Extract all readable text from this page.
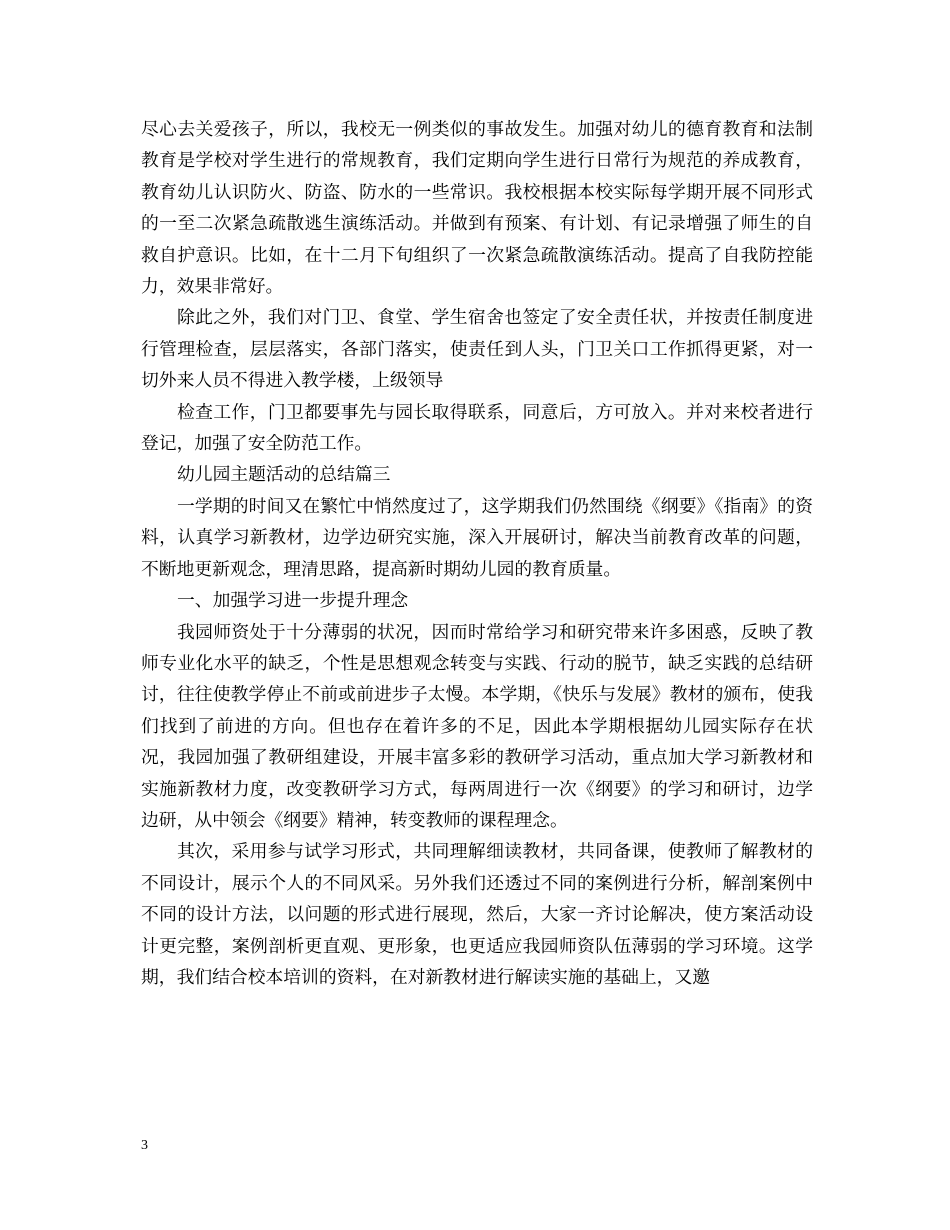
尽心去关爱孩子，所以，我校无一例类似的事故发生。加强对幼儿的德育教育和法制教育是学校对学生进行的常规教育，我们定期向学生进行日常行为规范的养成教育，教育幼儿认识防火、防盗、防水的一些常识。我校根据本校实际每学期开展不同形式的一至二次紧急疏散逃生演练活动。并做到有预案、有计划、有记录增强了师生的自救自护意识。比如，在十二月下旬组织了一次紧急疏散演练活动。提高了自我防控能力，效果非常好。

除此之外，我们对门卫、食堂、学生宿舍也签定了安全责任状，并按责任制度进行管理检查，层层落实，各部门落实，使责任到人头，门卫关口工作抓得更紧，对一切外来人员不得进入教学楼，上级领导

检查工作，门卫都要事先与园长取得联系，同意后，方可放入。并对来校者进行登记，加强了安全防范工作。

幼儿园主题活动的总结篇三

一学期的时间又在繁忙中悄然度过了，这学期我们仍然围绕《纲要》《指南》的资料，认真学习新教材，边学边研究实施，深入开展研讨，解决当前教育改革的问题，不断地更新观念，理清思路，提高新时期幼儿园的教育质量。

一、加强学习进一步提升理念

我园师资处于十分薄弱的状况，因而时常给学习和研究带来许多困惑，反映了教师专业化水平的缺乏，个性是思想观念转变与实践、行动的脱节，缺乏实践的总结研讨，往往使教学停止不前或前进步子太慢。本学期，《快乐与发展》教材的颁布，使我们找到了前进的方向。但也存在着许多的不足，因此本学期根据幼儿园实际存在状况，我园加强了教研组建设，开展丰富多彩的教研学习活动，重点加大学习新教材和实施新教材力度，改变教研学习方式，每两周进行一次《纲要》的学习和研讨，边学边研，从中领会《纲要》精神，转变教师的课程理念。

其次，采用参与试学习形式，共同理解细读教材，共同备课，使教师了解教材的不同设计，展示个人的不同风采。另外我们还透过不同的案例进行分析，解剖案例中不同的设计方法，以问题的形式进行展现，然后，大家一齐讨论解决，使方案活动设计更完整，案例剖析更直观、更形象，也更适应我园师资队伍薄弱的学习环境。这学期，我们结合校本培训的资料，在对新教材进行解读实施的基础上，又邀

3
